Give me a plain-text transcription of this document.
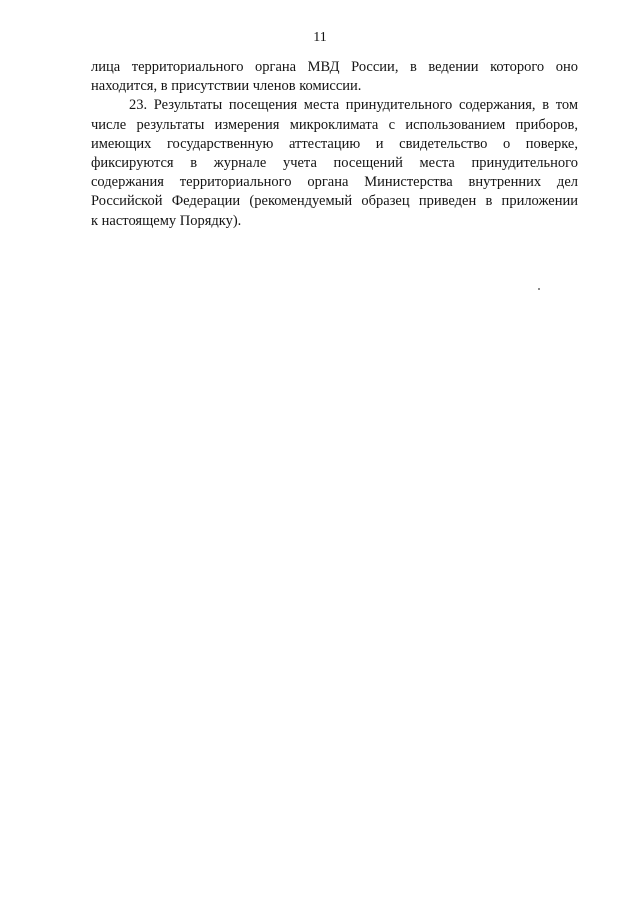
11

лица территориального органа МВД России, в ведении которого оно
находится, в присутствии членов комиссии.

23. Результаты посещения места принудительного содержания, в том
числе результаты измерения микроклимата с использованием приборов,
имеющих государственную аттестацию и свидетельство о поверке,
фиксируются в журнале учета посещений места принудительного
содержания территориального органа Министерства внутренних дел
Российской Федерации (рекомендуемый образец приведен в приложении
к настоящему Порядку).
